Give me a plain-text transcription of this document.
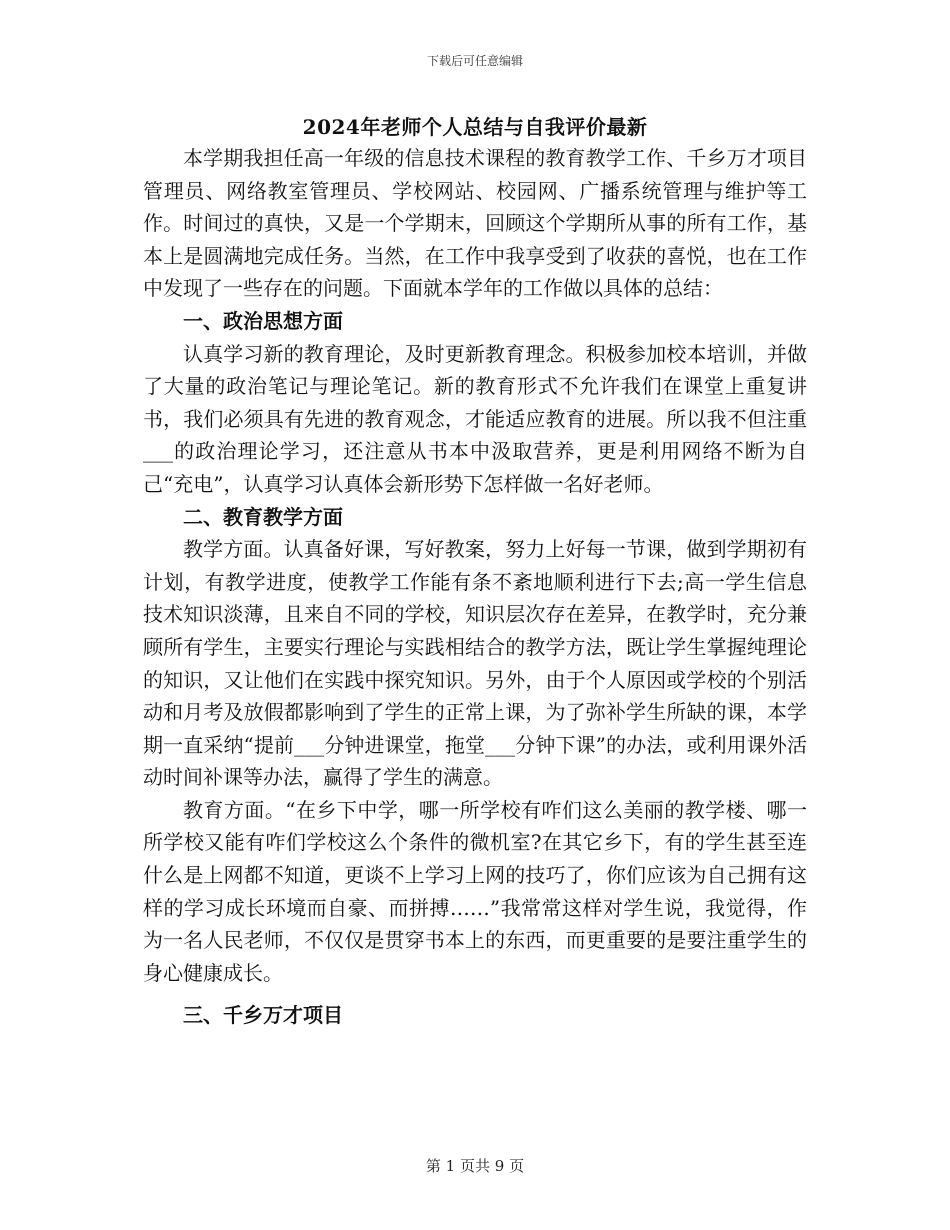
下载后可任意编辑
2024年老师个人总结与自我评价最新

本学期我担任高一年级的信息技术课程的教育教学工作、千乡万才项目管理员、网络教室管理员、学校网站、校园网、广播系统管理与维护等工作。时间过的真快，又是一个学期末，回顾这个学期所从事的所有工作，基本上是圆满地完成任务。当然，在工作中我享受到了收获的喜悦，也在工作中发现了一些存在的问题。下面就本学年的工作做以具体的总结：

一、政治思想方面

认真学习新的教育理论，及时更新教育理念。积极参加校本培训，并做了大量的政治笔记与理论笔记。新的教育形式不允许我们在课堂上重复讲书，我们必须具有先进的教育观念，才能适应教育的进展。所以我不但注重___的政治理论学习，还注意从书本中汲取营养，更是利用网络不断为自己“充电”，认真学习认真体会新形势下怎样做一名好老师。

二、教育教学方面

教学方面。认真备好课，写好教案，努力上好每一节课，做到学期初有计划，有教学进度，使教学工作能有条不紊地顺利进行下去;高一学生信息技术知识淡薄，且来自不同的学校，知识层次存在差异，在教学时，充分兼顾所有学生，主要实行理论与实践相结合的教学方法，既让学生掌握纯理论的知识，又让他们在实践中探究知识。另外，由于个人原因或学校的个别活动和月考及放假都影响到了学生的正常上课，为了弥补学生所缺的课，本学期一直采纳“提前___分钟进课堂，拖堂___分钟下课”的办法，或利用课外活动时间补课等办法，赢得了学生的满意。

教育方面。“在乡下中学，哪一所学校有咋们这么美丽的教学楼、哪一所学校又能有咋们学校这么个条件的微机室?在其它乡下，有的学生甚至连什么是上网都不知道，更谈不上学习上网的技巧了，你们应该为自己拥有这样的学习成长环境而自豪、而拼搏……”我常常这样对学生说，我觉得，作为一名人民老师，不仅仅是贯穿书本上的东西，而更重要的是要注重学生的身心健康成长。

三、千乡万才项目

第 1 页共 9 页
